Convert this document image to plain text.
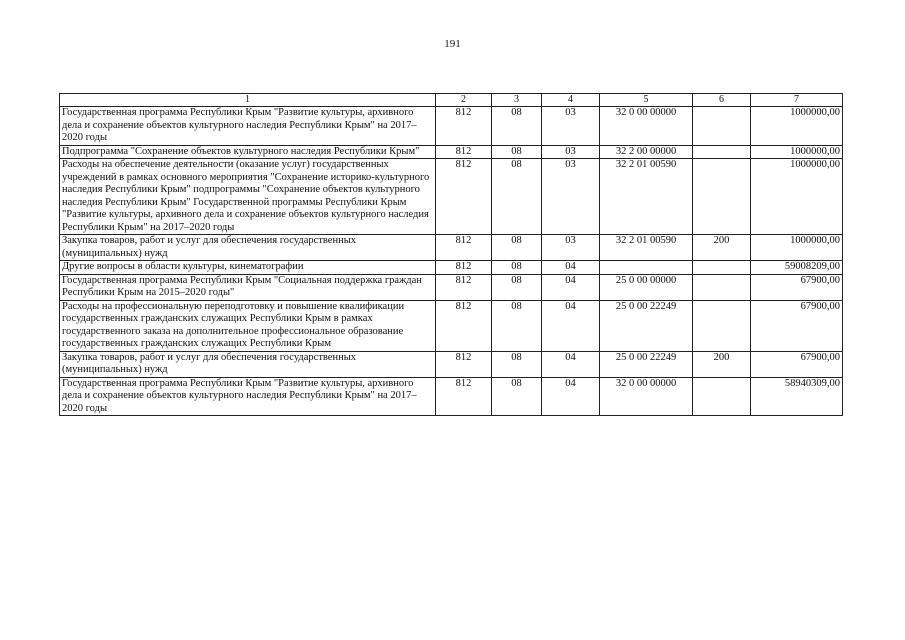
191
1	2	3	4	5	6	7
Государственная программа Республики Крым "Развитие культуры, архивного дела и сохранение объектов культурного наследия Республики Крым" на 2017–2020 годы	812	08	03	32 0 00 00000		1000000,00
Подпрограмма "Сохранение объектов культурного наследия Республики Крым"	812	08	03	32 2 00 00000		1000000,00
Расходы на обеспечение деятельности (оказание услуг) государственных учреждений в рамках основного мероприятия "Сохранение историко-культурного наследия Республики Крым" подпрограммы "Сохранение объектов культурного наследия Республики Крым" Государственной программы Республики Крым "Развитие культуры, архивного дела и сохранение объектов культурного наследия Республики Крым" на 2017–2020 годы	812	08	03	32 2 01 00590		1000000,00
Закупка товаров, работ и услуг для обеспечения государственных (муниципальных) нужд	812	08	03	32 2 01 00590	200	1000000,00
Другие вопросы в области культуры, кинематографии	812	08	04			59008209,00
Государственная программа Республики Крым "Социальная поддержка граждан Республики Крым на 2015–2020 годы"	812	08	04	25 0 00 00000		67900,00
Расходы на профессиональную переподготовку и повышение квалификации государственных гражданских служащих Республики Крым в рамках государственного заказа на дополнительное профессиональное образование государственных гражданских служащих Республики Крым	812	08	04	25 0 00 22249		67900,00
Закупка товаров, работ и услуг для обеспечения государственных (муниципальных) нужд	812	08	04	25 0 00 22249	200	67900,00
Государственная программа Республики Крым "Развитие культуры, архивного дела и сохранение объектов культурного наследия Республики Крым" на 2017–2020 годы	812	08	04	32 0 00 00000		58940309,00
